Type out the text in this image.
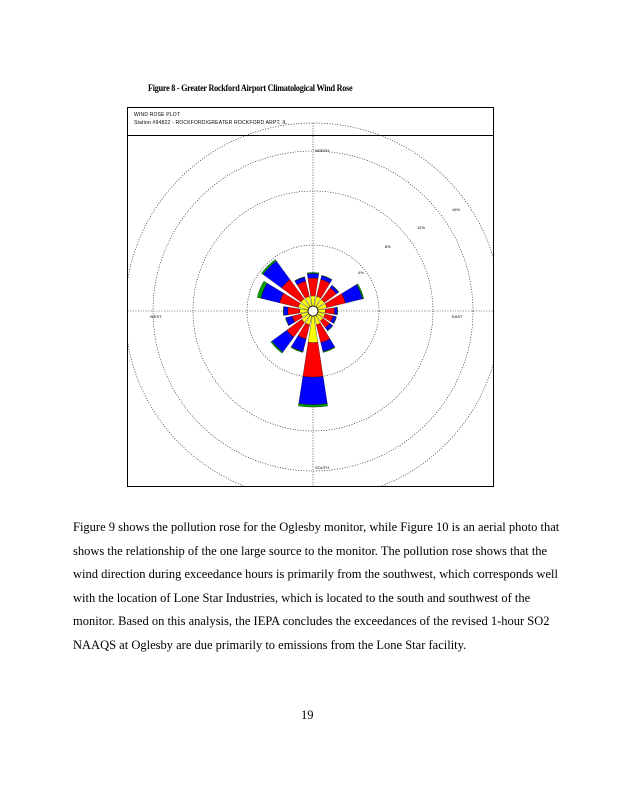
Figure 8 - Greater Rockford Airport Climatological Wind Rose
WIND ROSE PLOT
Station #94822 - ROCKFORD/GREATER ROCKFORD ARPT, IL
NORTH
SOUTH
EAST
WEST
4%
8%
12%
16%
Figure 9 shows the pollution rose for the Oglesby monitor, while Figure 10 is an aerial photo that
shows the relationship of the one large source to the monitor. The pollution rose shows that the
wind direction during exceedance hours is primarily from the southwest, which corresponds well
with the location of Lone Star Industries, which is located to the south and southwest of the
monitor. Based on this analysis, the IEPA concludes the exceedances of the revised 1-hour SO2
NAAQS at Oglesby are due primarily to emissions from the Lone Star facility.
19
